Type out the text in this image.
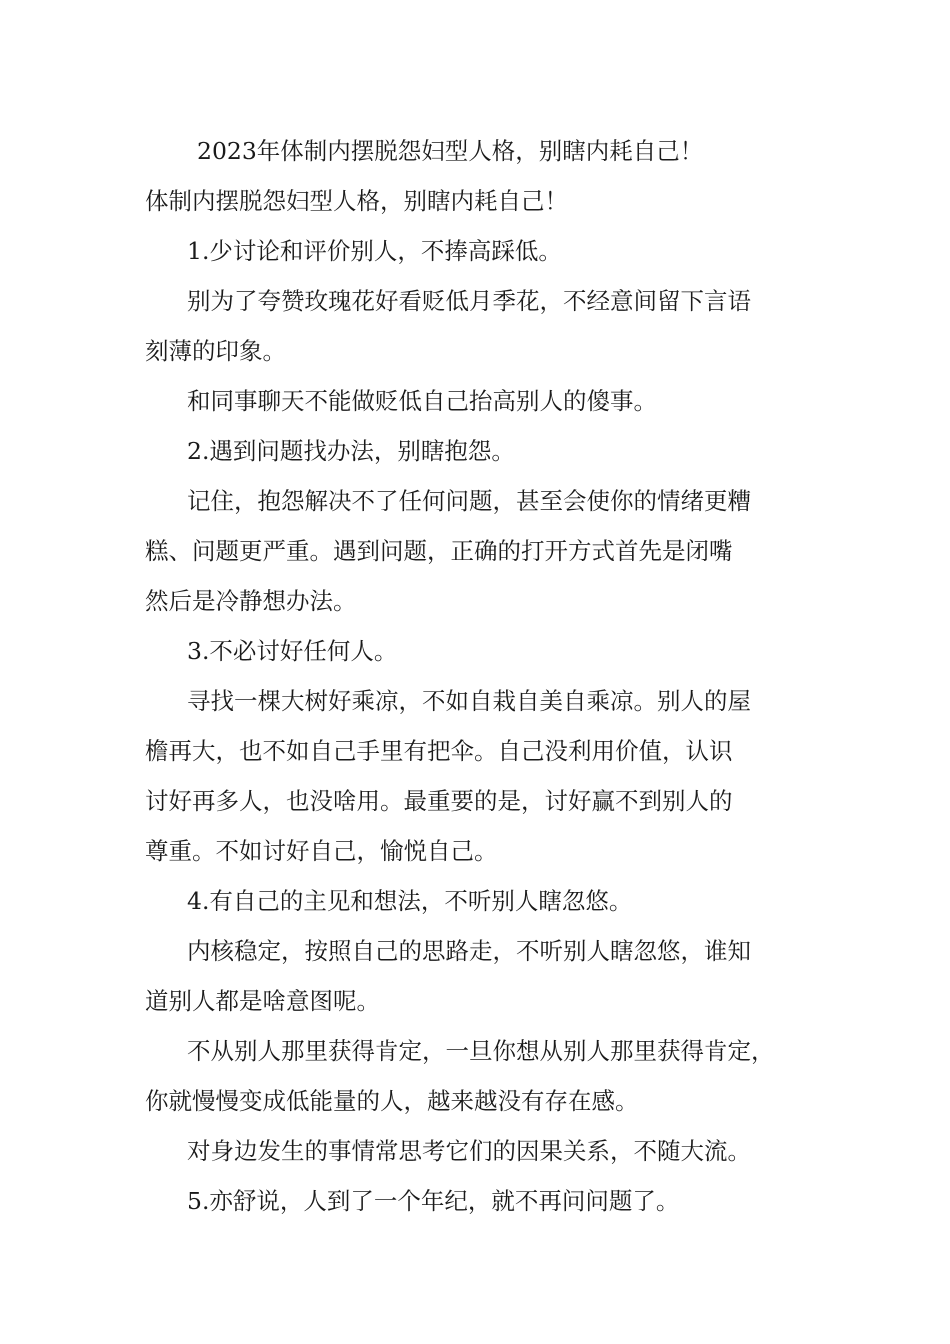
2023年体制内摆脱怨妇型人格，别瞎内耗自己！
体制内摆脱怨妇型人格，别瞎内耗自己！
1.少讨论和评价别人，不捧高踩低。
别为了夸赞玫瑰花好看贬低月季花，不经意间留下言语
刻薄的印象。
和同事聊天不能做贬低自己抬高别人的傻事。
2.遇到问题找办法，别瞎抱怨。
记住，抱怨解决不了任何问题，甚至会使你的情绪更糟
糕、问题更严重。遇到问题，正确的打开方式首先是闭嘴
然后是冷静想办法。
3.不必讨好任何人。
寻找一棵大树好乘凉，不如自栽自美自乘凉。别人的屋
檐再大，也不如自己手里有把伞。自己没利用价值，认识
讨好再多人，也没啥用。最重要的是，讨好赢不到别人的
尊重。不如讨好自己，愉悦自己。
4.有自己的主见和想法，不听别人瞎忽悠。
内核稳定，按照自己的思路走，不听别人瞎忽悠，谁知
道别人都是啥意图呢。
不从别人那里获得肯定，一旦你想从别人那里获得肯定，
你就慢慢变成低能量的人，越来越没有存在感。
对身边发生的事情常思考它们的因果关系，不随大流。
5.亦舒说，人到了一个年纪，就不再问问题了。
